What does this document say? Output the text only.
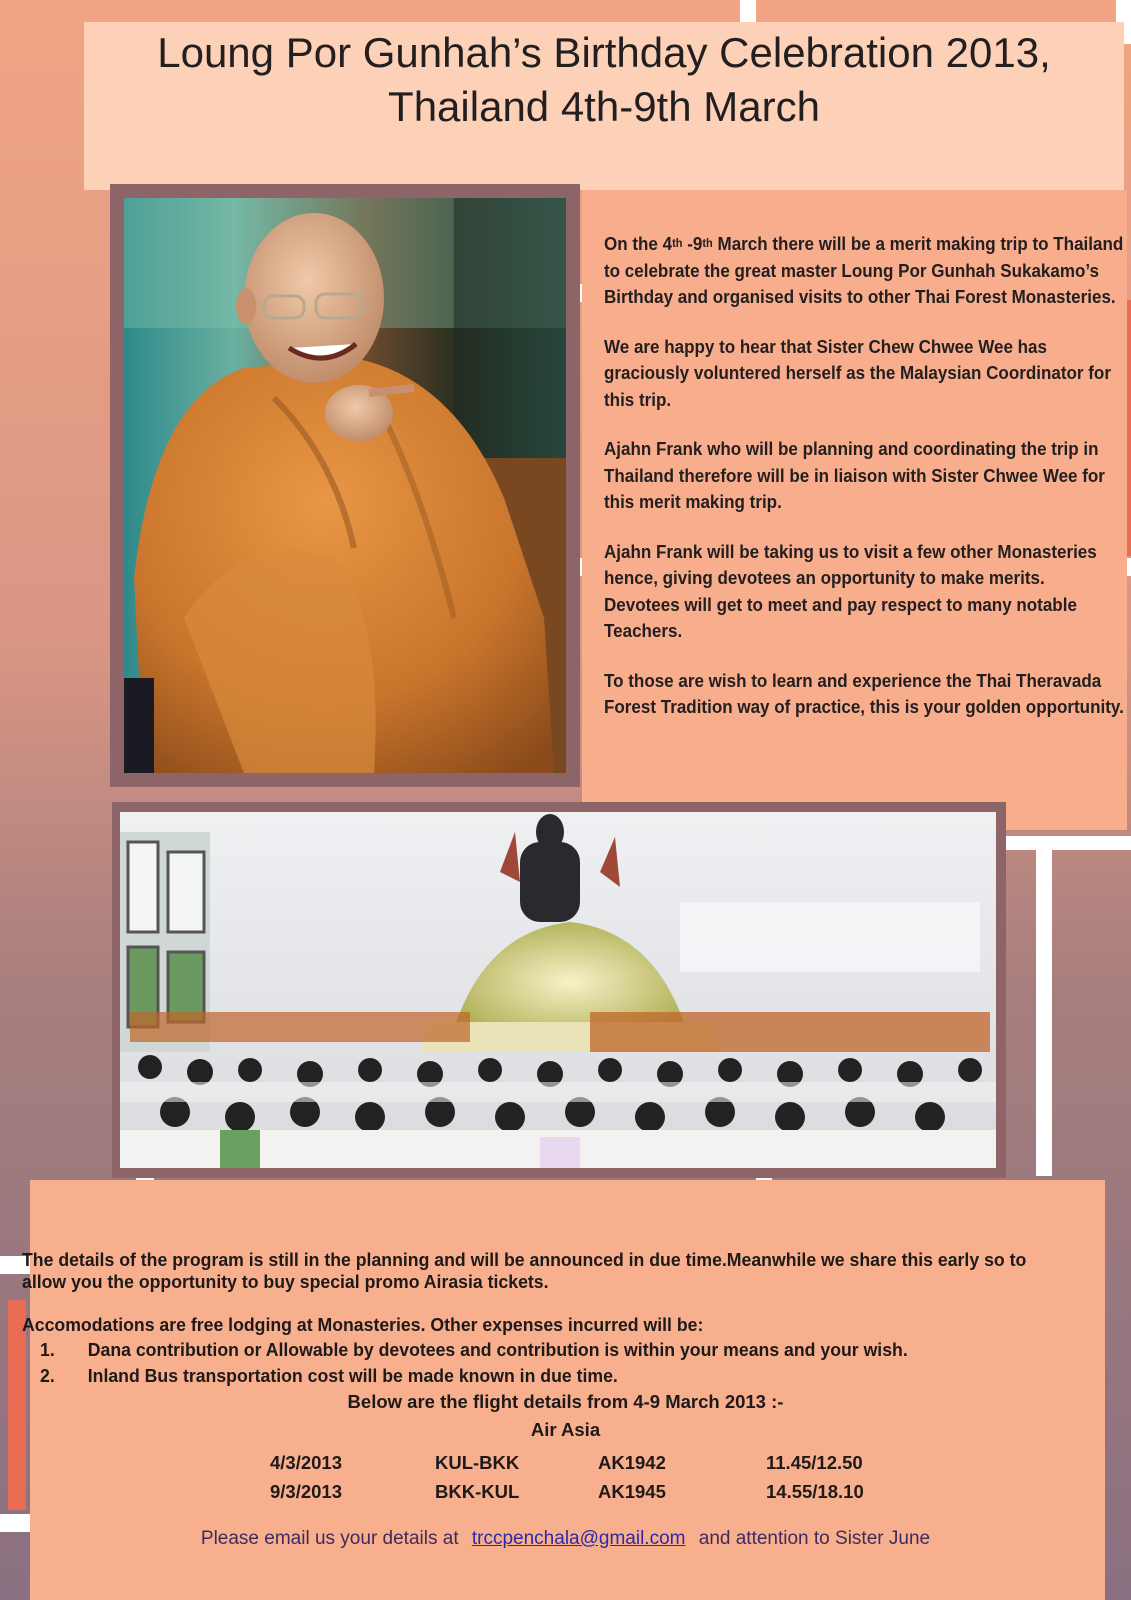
Loung Por Gunhah’s Birthday Celebration 2013,
Thailand 4th-9th March

On the 4th -9th March there will be a merit making trip to Thailand to celebrate the great master Loung Por Gunhah Sukakamo’s Birthday and organised visits to other Thai Forest Monasteries.

We are happy to hear that Sister Chew Chwee Wee has graciously voluntered herself as the Malaysian Coordinator for this trip.

Ajahn Frank who will be planning and coordinating the trip in Thailand therefore will be in liaison with Sister Chwee Wee for this merit making trip.

Ajahn Frank will be taking us to visit a few other Monasteries hence, giving devotees an opportunity to make merits. Devotees will get to meet and pay respect to many notable Teachers.

To those are wish to learn and experience the Thai Theravada Forest Tradition way of practice, this is your golden opportunity.

The details of the program is still in the planning and will be announced in due time.Meanwhile we share this early so to allow you the opportunity to buy special promo Airasia tickets.

Accomodations are free lodging at Monasteries. Other expenses incurred will be:

1.	Dana contribution or Allowable by devotees and contribution is within your means and your wish.
2.	Inland Bus transportation cost will be made known in due time.
Below are the flight details from 4-9 March 2013 :-
Air Asia
4/3/2013	KUL-BKK	AK1942	11.45/12.50
9/3/2013	BKK-KUL	AK1945	14.55/18.10
Please email us your details at trccpenchala@gmail.com and attention to Sister June
